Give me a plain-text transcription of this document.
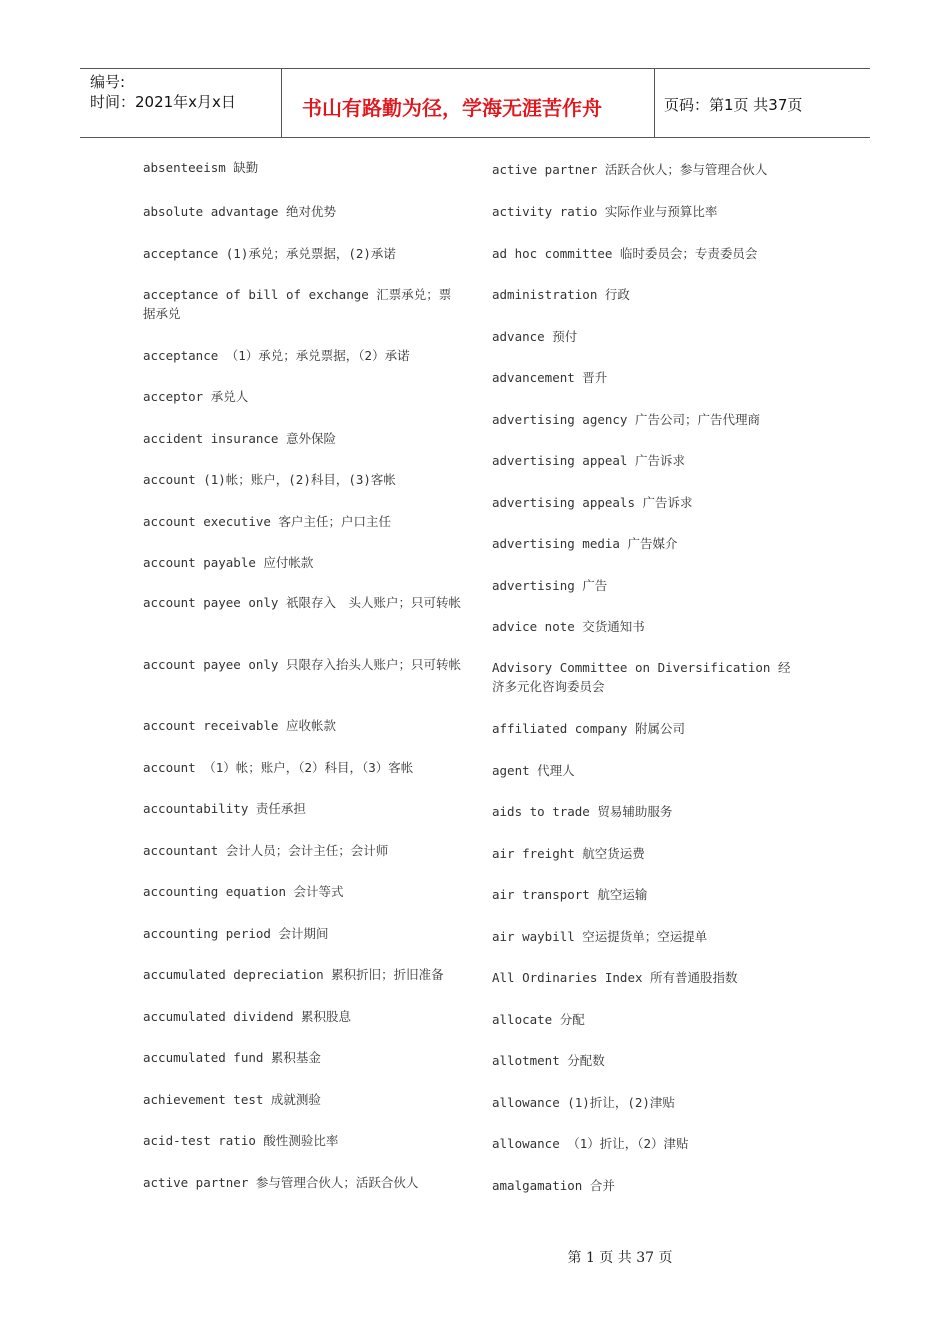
编号:
时间：2021年x月x日	书山有路勤为径，学海无涯苦作舟	页码：第1页 共37页
absenteeism 缺勤
absolute advantage 绝对优势
acceptance (1)承兑；承兑票据，(2)承诺
acceptance of bill of exchange 汇票承兑；票据承兑
acceptance （1）承兑；承兑票据，（2）承诺
acceptor 承兑人
accident insurance 意外保险
account (1)帐；账户，(2)科目，(3)客帐
account executive 客户主任；户口主任
account payable 应付帐款
account payee only 祇限存入　头人账户；只可转帐
account payee only 只限存入抬头人账户；只可转帐
account receivable 应收帐款
account （1）帐；账户，（2）科目，（3）客帐
accountability 责任承担
accountant 会计人员；会计主任；会计师
accounting equation 会计等式
accounting period 会计期间
accumulated depreciation 累积折旧；折旧准备
accumulated dividend 累积股息
accumulated fund 累积基金
achievement test 成就测验
acid-test ratio 酸性测验比率
active partner 参与管理合伙人；活跃合伙人
active partner 活跃合伙人；参与管理合伙人
activity ratio 实际作业与预算比率
ad hoc committee 临时委员会；专责委员会
administration 行政
advance 预付
advancement 晋升
advertising agency 广告公司；广告代理商
advertising appeal 广告诉求
advertising appeals 广告诉求
advertising media 广告媒介
advertising 广告
advice note 交货通知书
Advisory Committee on Diversification 经济多元化咨询委员会
affiliated company 附属公司
agent 代理人
aids to trade 贸易辅助服务
air freight 航空货运费
air transport 航空运输
air waybill 空运提货单；空运提单
All Ordinaries Index 所有普通股指数
allocate 分配
allotment 分配数
allowance (1)折让，(2)津贴
allowance （1）折让，（2）津贴
amalgamation 合并
第 1 页 共 37 页
